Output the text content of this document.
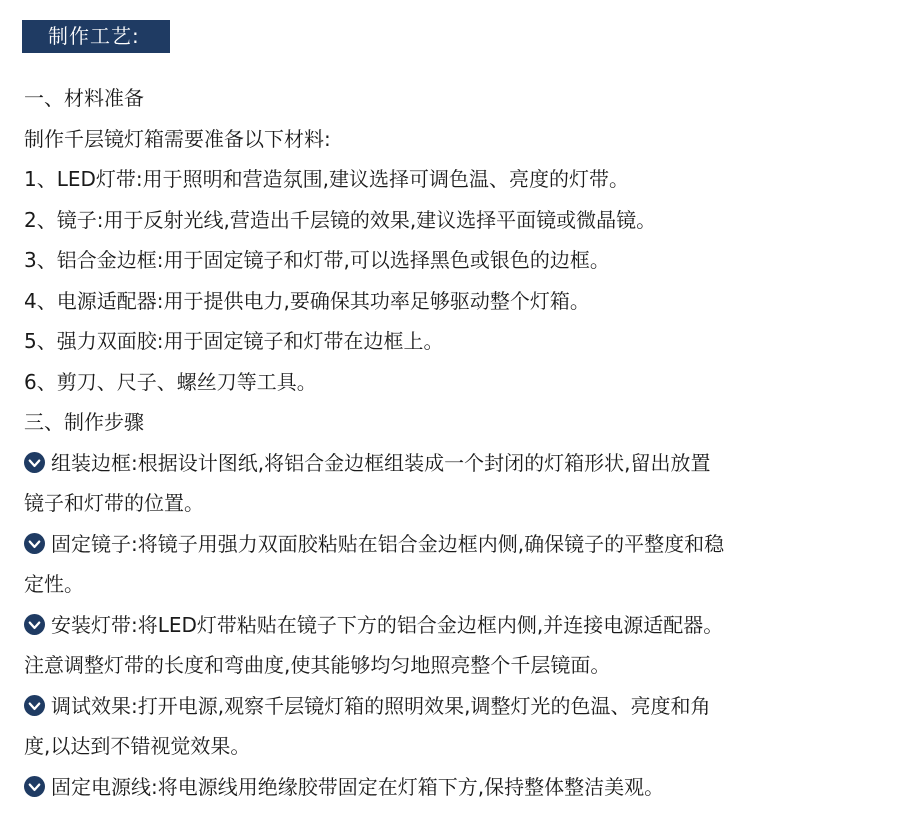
制作工艺:
一、材料准备
制作千层镜灯箱需要准备以下材料:
1、LED灯带:用于照明和营造氛围,建议选择可调色温、亮度的灯带。
2、镜子:用于反射光线,营造出千层镜的效果,建议选择平面镜或微晶镜。
3、铝合金边框:用于固定镜子和灯带,可以选择黑色或银色的边框。
4、电源适配器:用于提供电力,要确保其功率足够驱动整个灯箱。
5、强力双面胶:用于固定镜子和灯带在边框上。
6、剪刀、尺子、螺丝刀等工具。
三、制作步骤
组装边框:根据设计图纸,将铝合金边框组装成一个封闭的灯箱形状,留出放置
镜子和灯带的位置。
固定镜子:将镜子用强力双面胶粘贴在铝合金边框内侧,确保镜子的平整度和稳
定性。
安装灯带:将LED灯带粘贴在镜子下方的铝合金边框内侧,并连接电源适配器。
注意调整灯带的长度和弯曲度,使其能够均匀地照亮整个千层镜面。
调试效果:打开电源,观察千层镜灯箱的照明效果,调整灯光的色温、亮度和角
度,以达到不错视觉效果。
固定电源线:将电源线用绝缘胶带固定在灯箱下方,保持整体整洁美观。
